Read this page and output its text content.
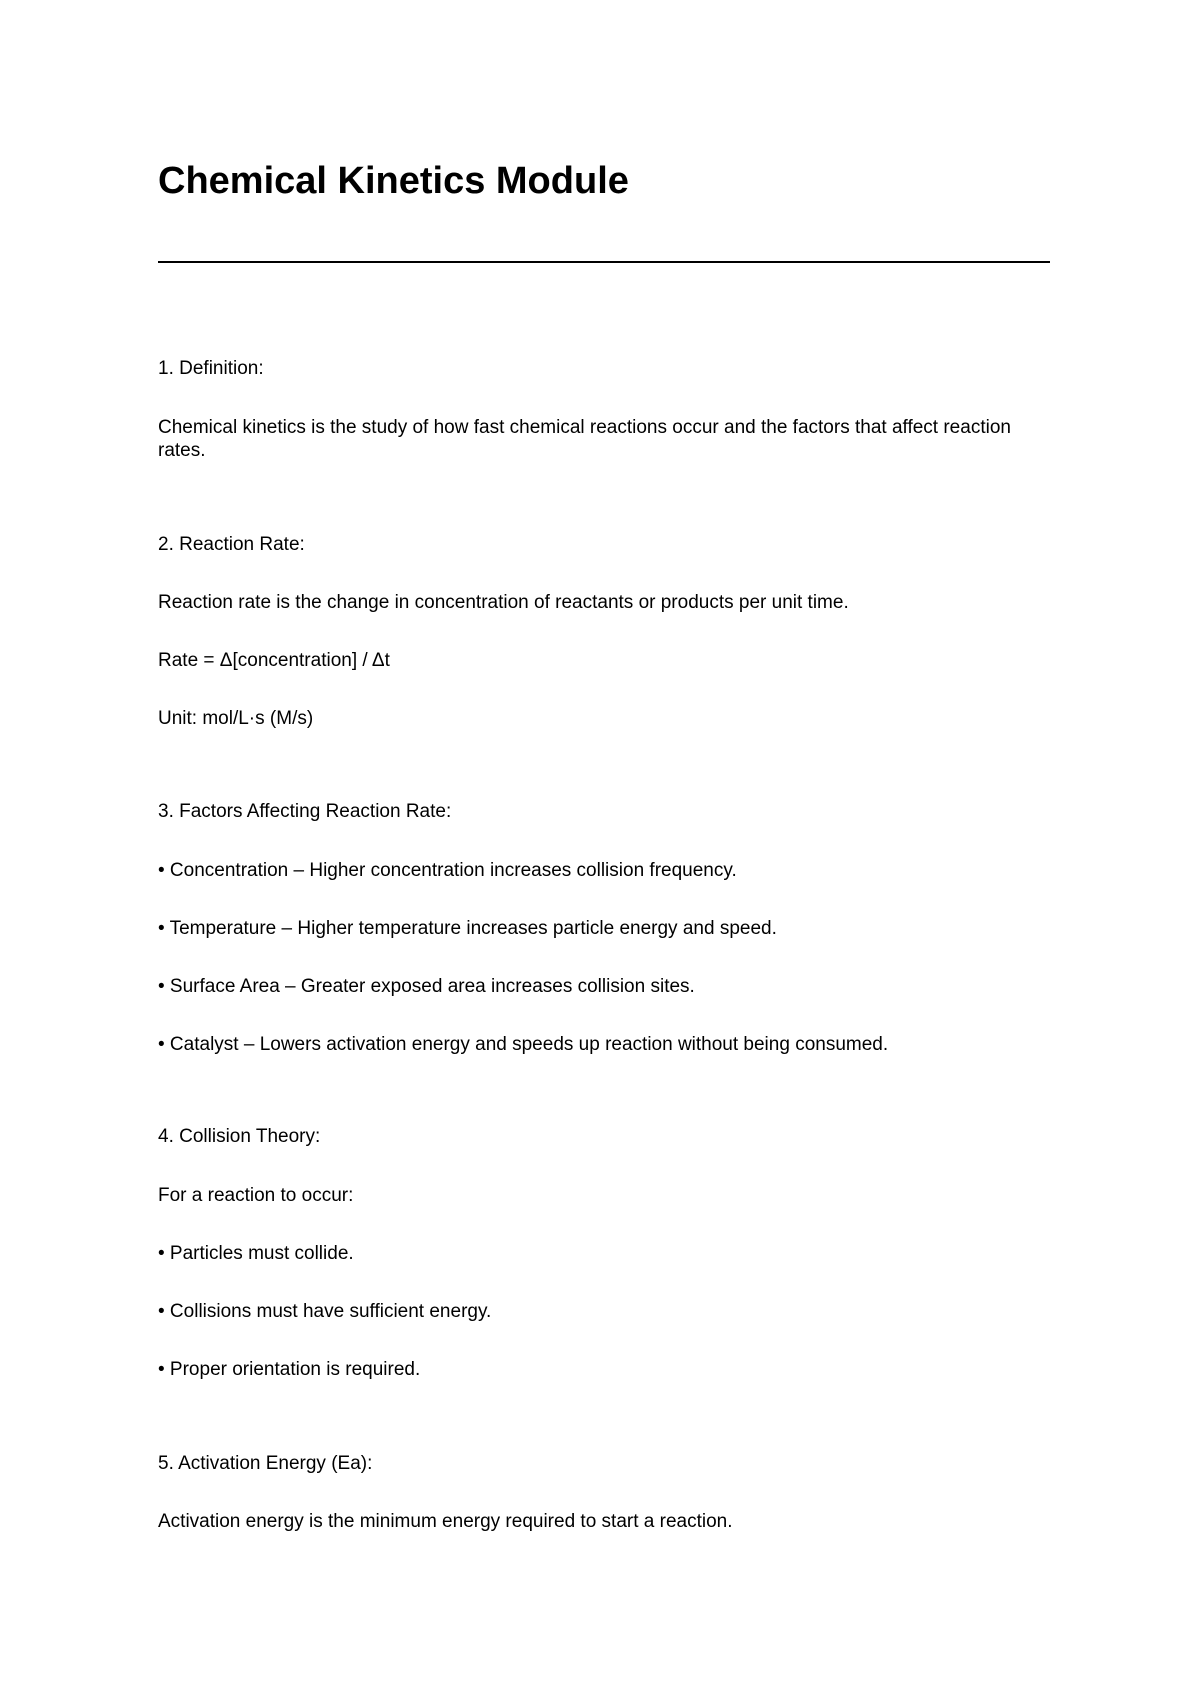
Chemical Kinetics Module

1. Definition:

Chemical kinetics is the study of how fast chemical reactions occur and the factors that affect reaction rates.

2. Reaction Rate:

Reaction rate is the change in concentration of reactants or products per unit time.

Rate = Δ[concentration] / Δt

Unit: mol/L·s (M/s)

3. Factors Affecting Reaction Rate:

• Concentration – Higher concentration increases collision frequency.

• Temperature – Higher temperature increases particle energy and speed.

• Surface Area – Greater exposed area increases collision sites.

• Catalyst – Lowers activation energy and speeds up reaction without being consumed.

4. Collision Theory:

For a reaction to occur:

• Particles must collide.

• Collisions must have sufficient energy.

• Proper orientation is required.

5. Activation Energy (Ea):

Activation energy is the minimum energy required to start a reaction.
